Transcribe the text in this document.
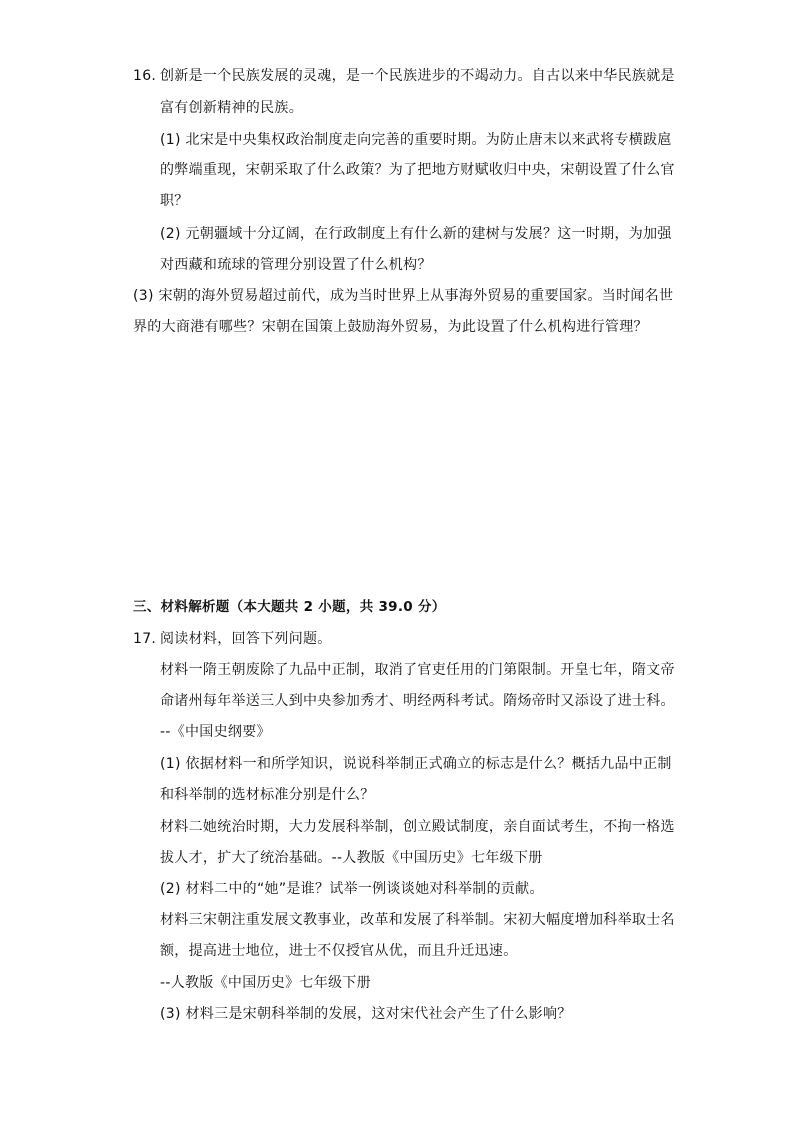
16. 创新是一个民族发展的灵魂，是一个民族进步的不竭动力。自古以来中华民族就是
富有创新精神的民族。
(1) 北宋是中央集权政治制度走向完善的重要时期。为防止唐末以来武将专横跋扈
的弊端重现，宋朝采取了什么政策？为了把地方财赋收归中央，宋朝设置了什么官
职？
(2) 元朝疆域十分辽阔，在行政制度上有什么新的建树与发展？这一时期，为加强
对西藏和琉球的管理分别设置了什么机构？
(3) 宋朝的海外贸易超过前代，成为当时世界上从事海外贸易的重要国家。当时闻名世
界的大商港有哪些？宋朝在国策上鼓励海外贸易，为此设置了什么机构进行管理？
三、材料解析题（本大题共 2 小题，共 39.0 分）
17. 阅读材料，回答下列问题。
材料一隋王朝废除了九品中正制，取消了官吏任用的门第限制。开皇七年，隋文帝
命诸州每年举送三人到中央参加秀才、明经两科考试。隋炀帝时又添设了进士科。
--《中国史纲要》
(1) 依据材料一和所学知识，说说科举制正式确立的标志是什么？概括九品中正制
和科举制的选材标准分别是什么？
材料二她统治时期，大力发展科举制，创立殿试制度，亲自面试考生，不拘一格选
拔人才，扩大了统治基础。--人教版《中国历史》七年级下册
(2) 材料二中的“她”是谁？试举一例谈谈她对科举制的贡献。
材料三宋朝注重发展文教事业，改革和发展了科举制。宋初大幅度增加科举取士名
额，提高进士地位，进士不仅授官从优，而且升迁迅速。
--人教版《中国历史》七年级下册
(3) 材料三是宋朝科举制的发展，这对宋代社会产生了什么影响？
